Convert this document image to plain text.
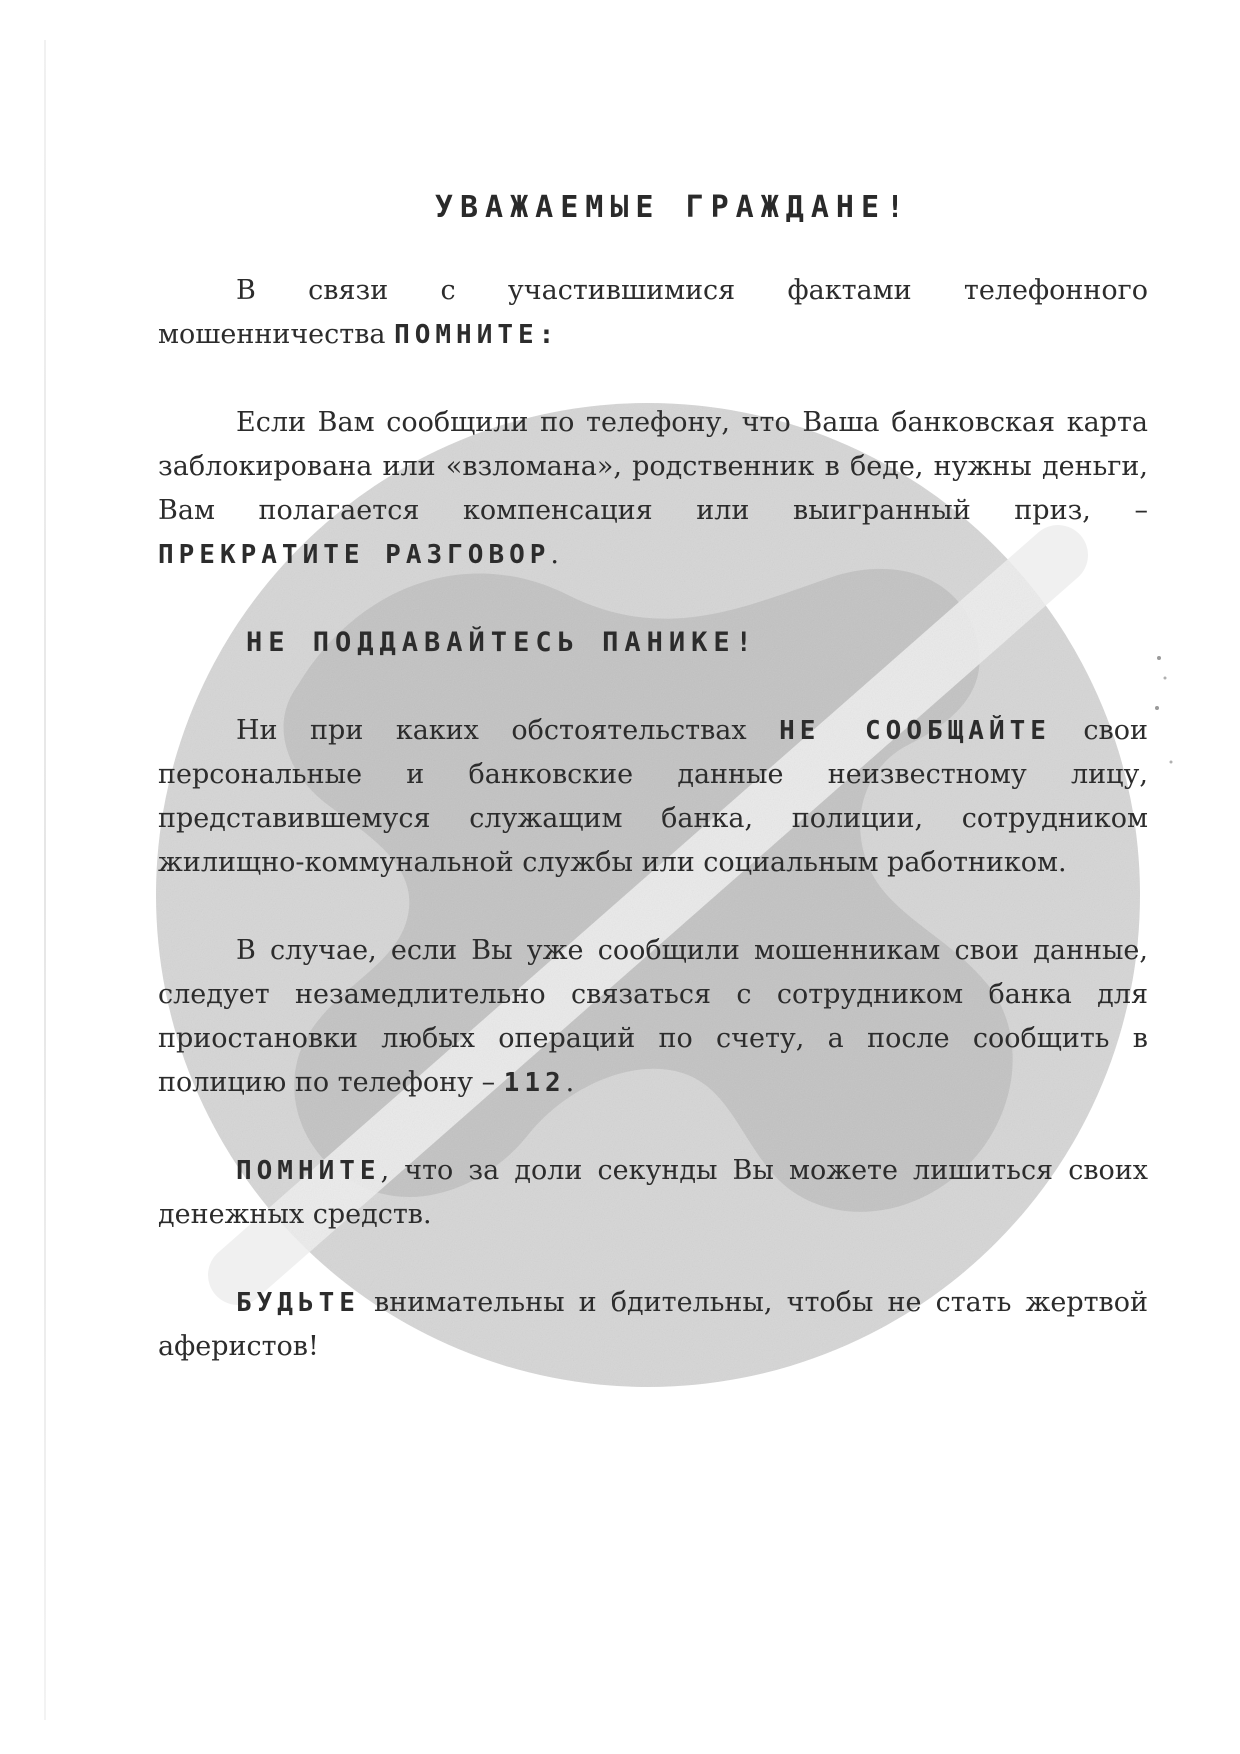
УВАЖАЕМЫЕ ГРАЖДАНЕ!

В связи с участившимися фактами телефонного мошенничества ПОМНИТЕ:

Если Вам сообщили по телефону, что Ваша банковская карта заблокирована или «взломана», родственник в беде, нужны деньги, Вам полагается компенсация или выигранный приз, – ПРЕКРАТИТЕ РАЗГОВОР.

НЕ ПОДДАВАЙТЕСЬ ПАНИКЕ!

Ни при каких обстоятельствах НЕ СООБЩАЙТЕ свои персональные и банковские данные неизвестному лицу, представившемуся служащим банка, полиции, сотрудником жилищно-коммунальной службы или социальным работником.

В случае, если Вы уже сообщили мошенникам свои данные, следует незамедлительно связаться с сотрудником банка для приостановки любых операций по счету, а после сообщить в полицию по телефону – 112.

ПОМНИТЕ, что за доли секунды Вы можете лишиться своих денежных средств.

БУДЬТЕ внимательны и бдительны, чтобы не стать жертвой аферистов!
